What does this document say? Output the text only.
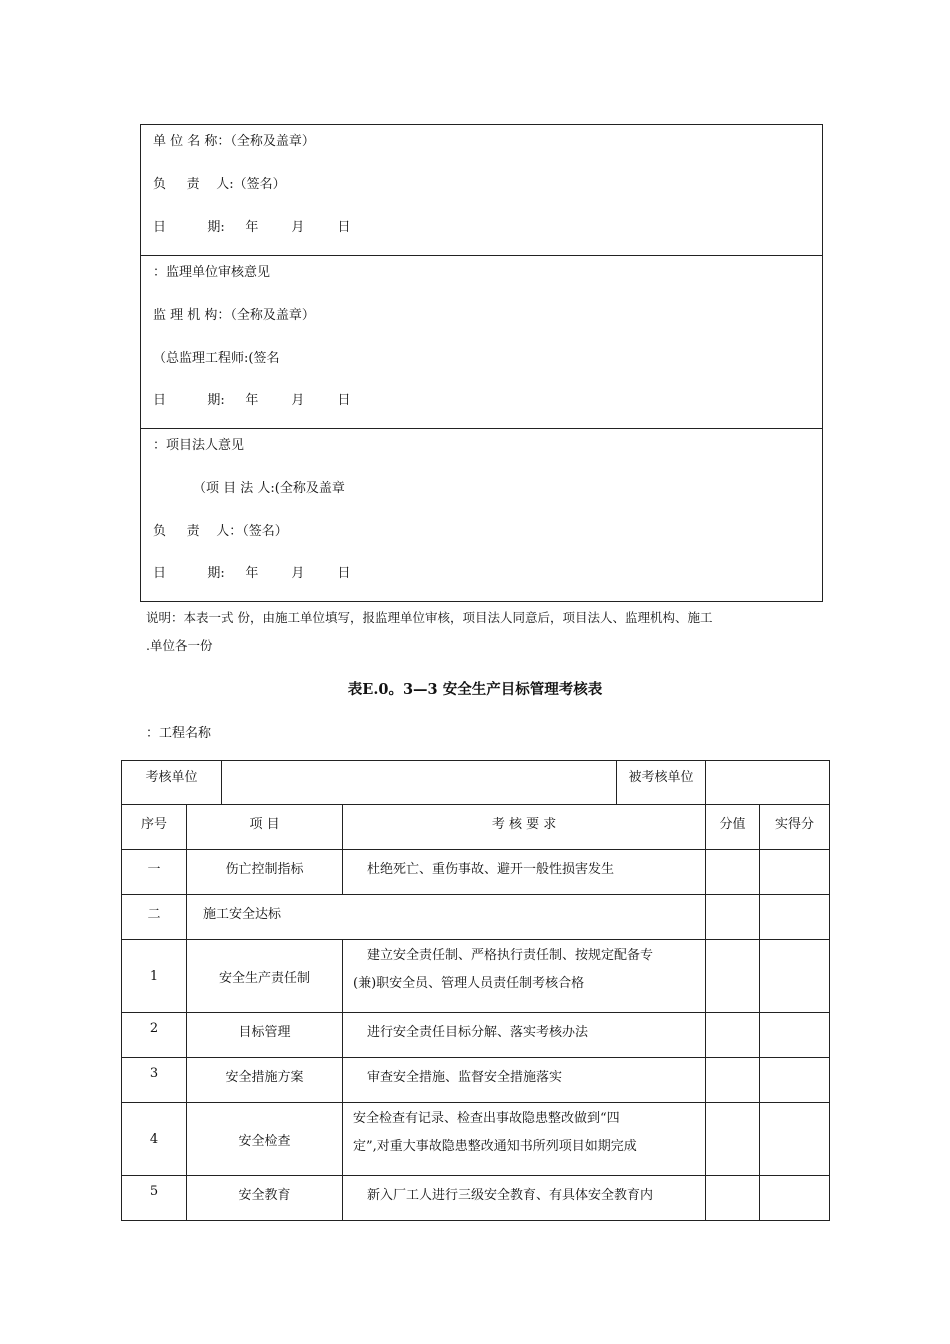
单 位 名 称：（全称及盖章）
负     责    人:（签名）
日          期:     年        月        日
：监理单位审核意见
监 理 机 构：（全称及盖章）
（总监理工程师:(签名
日          期:     年        月        日
：项目法人意见
（项 目 法 人:(全称及盖章
负     责    人：（签名）
日          期:     年        月        日
说明：本表一式 份，由施工单位填写，报监理单位审核，项目法人同意后，项目法人、监理机构、施工
.单位各一份
表E.0。3—3 安全生产目标管理考核表
：工程名称
考核单位				被考核单位		
序号	项 目		考 核 要 求		分值	实得分
一	伤亡控制指标		杜绝死亡、重伤事故、避开一般性损害发生			
二	施工安全达标					
1	安全生产责任制		建立安全责任制、严格执行责任制、按规定配备专
(兼)职安全员、管理人员责任制考核合格			

2	目标管理		进行安全责任目标分解、落实考核办法			
3	安全措施方案		审查安全措施、监督安全措施落实			
4	安全检查		安全检查有记录、检查出事故隐患整改做到“四
定”,对重大事故隐患整改通知书所列项目如期完成			

5	安全教育		新入厂工人进行三级安全教育、有具体安全教育内			
